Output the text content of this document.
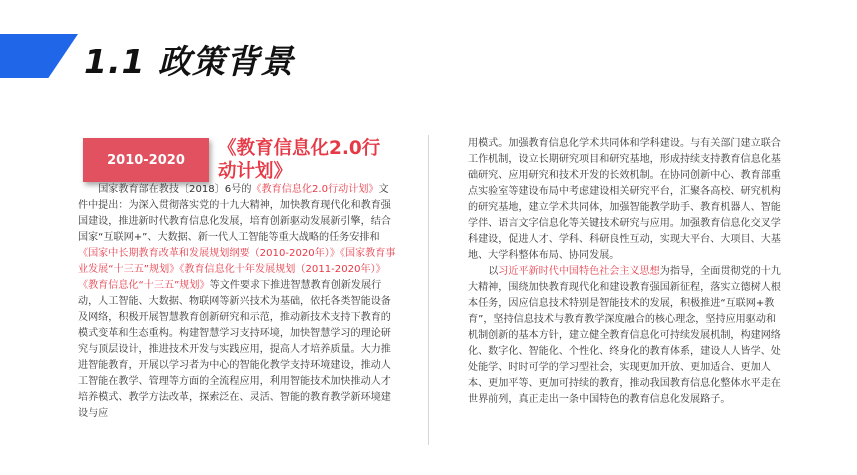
1.1 政策背景
2010-2020
《教育信息化2.0行动计划》

国家教育部在教技〔2018〕6号的《教育信息化2.0行动计划》文件中提出：为深入贯彻落实党的十九大精神，加快教育现代化和教育强国建设，推进新时代教育信息化发展，培育创新驱动发展新引擎，结合国家“互联网+”、大数据、新一代人工智能等重大战略的任务安排和《国家中长期教育改革和发展规划纲要（2010-2020年）》《国家教育事业发展“十三五”规划》《教育信息化十年发展规划（2011-2020年）》《教育信息化“十三五”规划》等文件要求下推进智慧教育创新发展行动，人工智能、大数据、物联网等新兴技术为基础，依托各类智能设备及网络，积极开展智慧教育创新研究和示范，推动新技术支持下教育的模式变革和生态重构。构建智慧学习支持环境，加快智慧学习的理论研究与顶层设计，推进技术开发与实践应用，提高人才培养质量。大力推进智能教育，开展以学习者为中心的智能化教学支持环境建设，推动人工智能在教学、管理等方面的全流程应用，利用智能技术加快推动人才培养模式、教学方法改革，探索泛在、灵活、智能的教育教学新环境建设与应

用模式。加强教育信息化学术共同体和学科建设。与有关部门建立联合工作机制，设立长期研究项目和研究基地，形成持续支持教育信息化基础研究、应用研究和技术开发的长效机制。在协同创新中心、教育部重点实验室等建设布局中考虑建设相关研究平台，汇聚各高校、研究机构的研究基地，建立学术共同体，加强智能教学助手、教育机器人、智能学伴、语言文字信息化等关键技术研究与应用。加强教育信息化交叉学科建设，促进人才、学科、科研良性互动，实现大平台、大项目、大基地、大学科整体布局、协同发展。

以习近平新时代中国特色社会主义思想为指导，全面贯彻党的十九大精神，围绕加快教育现代化和建设教育强国新征程，落实立德树人根本任务，因应信息技术特别是智能技术的发展，积极推进“互联网+教育”，坚持信息技术与教育教学深度融合的核心理念，坚持应用驱动和机制创新的基本方针，建立健全教育信息化可持续发展机制，构建网络化、数字化、智能化、个性化、终身化的教育体系，建设人人皆学、处处能学、时时可学的学习型社会，实现更加开放、更加适合、更加人本、更加平等、更加可持续的教育，推动我国教育信息化整体水平走在世界前列，真正走出一条中国特色的教育信息化发展路子。
